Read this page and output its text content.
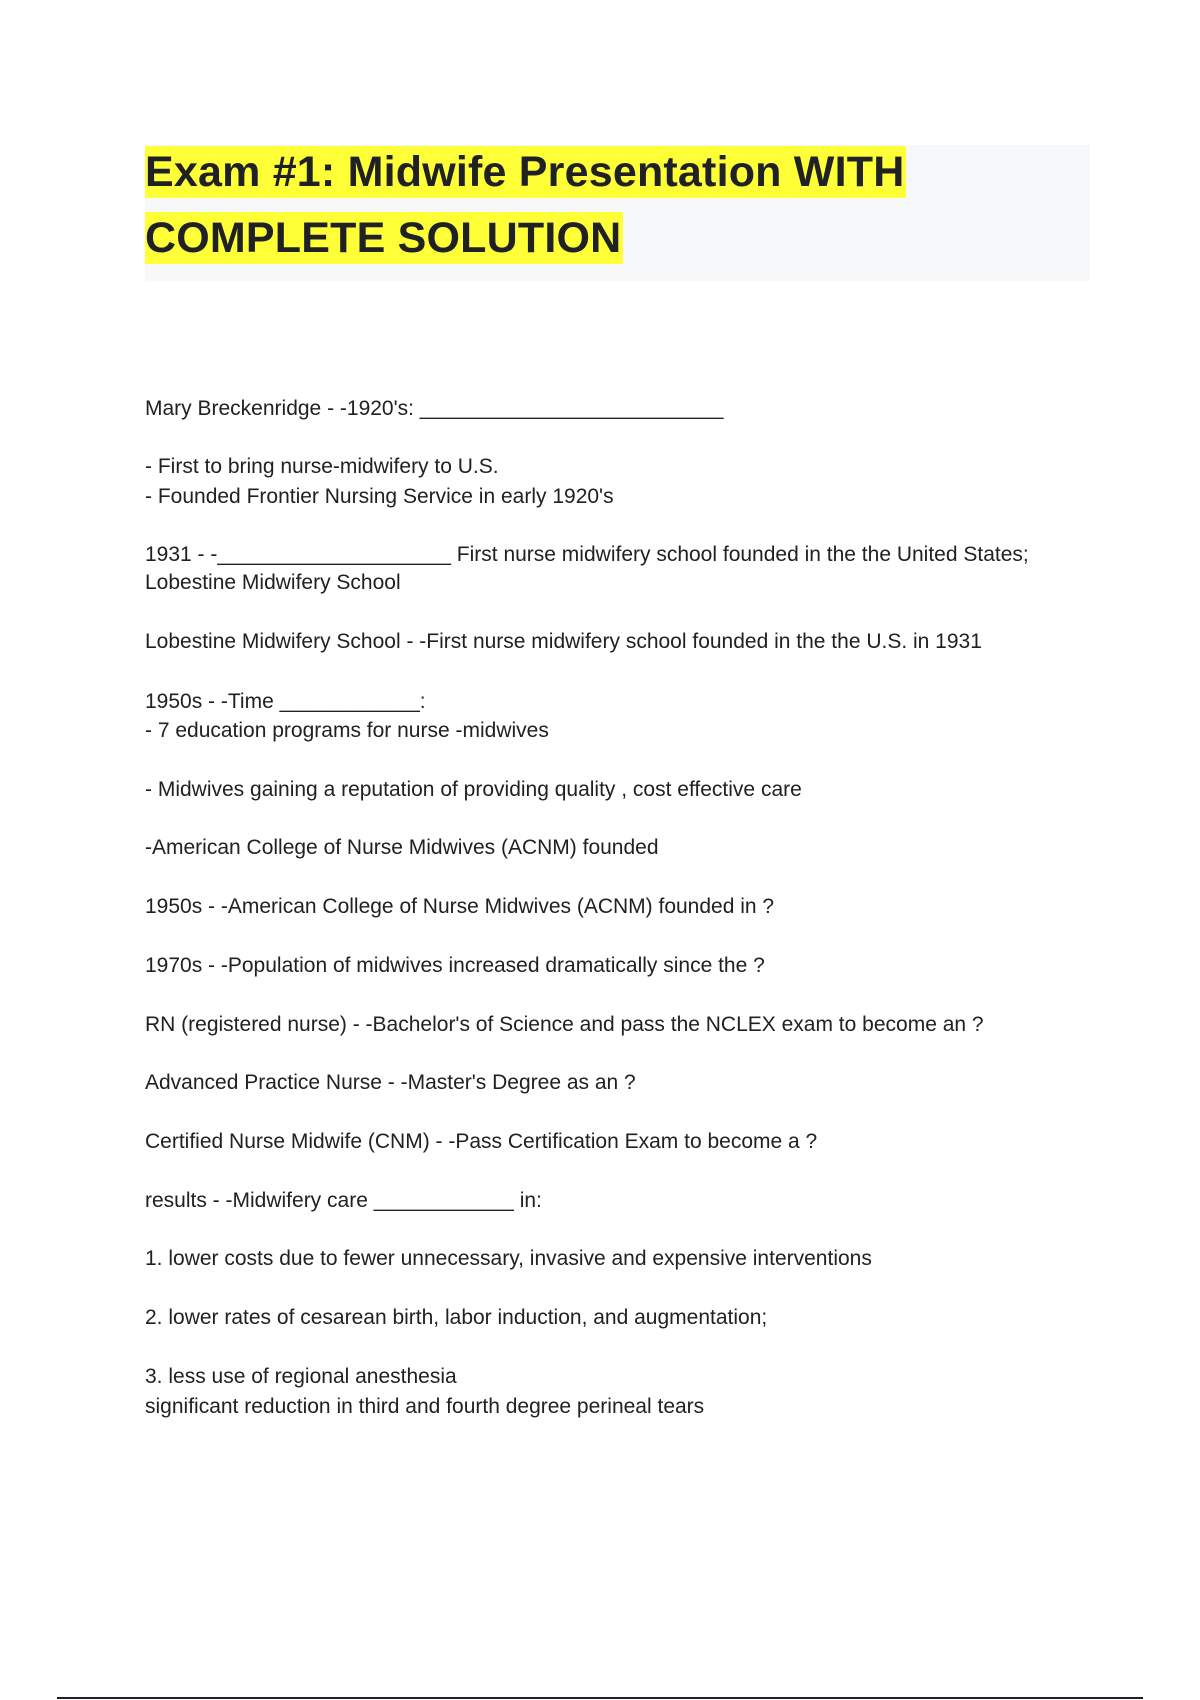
Exam #1: Midwife Presentation WITH
COMPLETE SOLUTION
Mary Breckenridge - -1920's: __________________________
- First to bring nurse-midwifery to U.S.
- Founded Frontier Nursing Service in early 1920's
1931 - -____________________ First nurse midwifery school founded in the the United States;
Lobestine Midwifery School
Lobestine Midwifery School - -First nurse midwifery school founded in the the U.S. in 1931
1950s - -Time ____________:
- 7 education programs for nurse -midwives
- Midwives gaining a reputation of providing quality , cost effective care
-American College of Nurse Midwives (ACNM) founded
1950s - -American College of Nurse Midwives (ACNM) founded in ?
1970s - -Population of midwives increased dramatically since the ?
RN (registered nurse) - -Bachelor's of Science and pass the NCLEX exam to become an ?
Advanced Practice Nurse - -Master's Degree as an ?
Certified Nurse Midwife (CNM) - -Pass Certification Exam to become a ?
results - -Midwifery care ____________ in:
1. lower costs due to fewer unnecessary, invasive and expensive interventions
2. lower rates of cesarean birth, labor induction, and augmentation;
3. less use of regional anesthesia
significant reduction in third and fourth degree perineal tears
